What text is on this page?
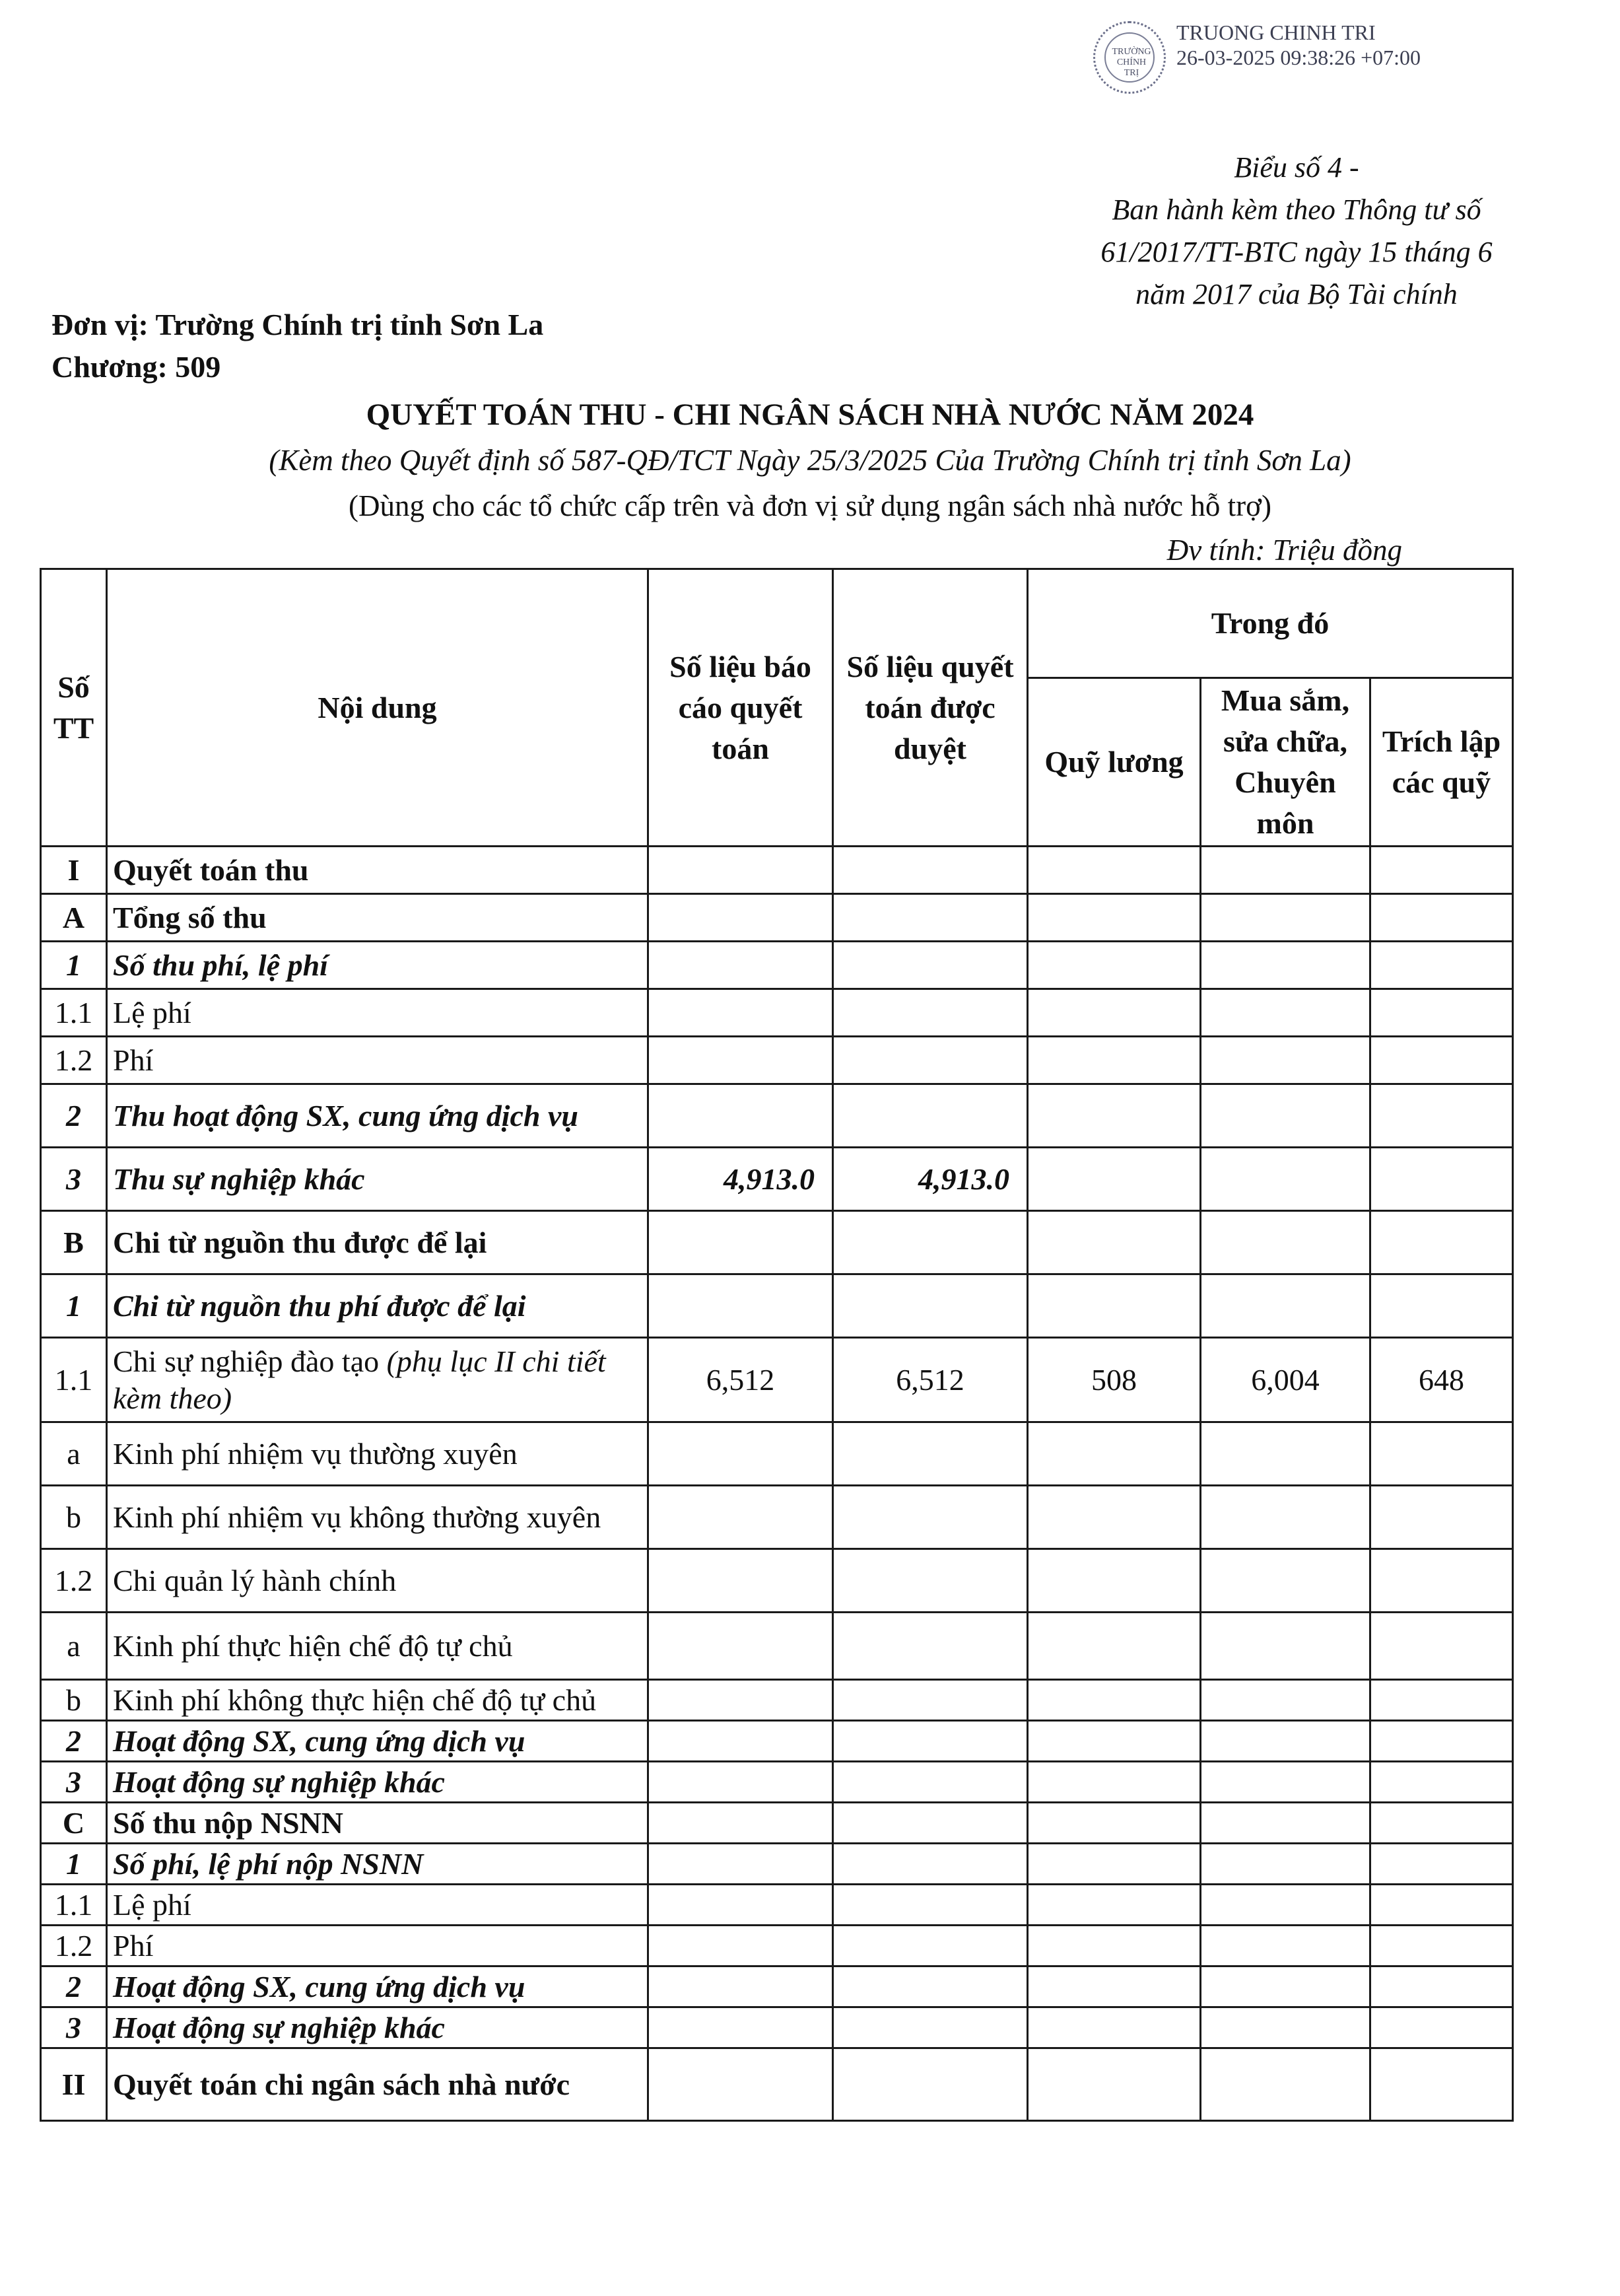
TRƯỜNG CHÍNH TRỊ
TRUONG CHINH TRI
26-03-2025 09:38:26 +07:00
Biểu số 4 -
Ban hành kèm theo Thông tư số
61/2017/TT-BTC ngày 15 tháng 6
năm 2017 của Bộ Tài chính
Đơn vị: Trường Chính trị tỉnh Sơn La
Chương: 509
QUYẾT TOÁN THU - CHI NGÂN SÁCH NHÀ NƯỚC NĂM 2024
(Kèm theo Quyết định số 587-QĐ/TCT Ngày 25/3/2025 Của Trường Chính trị tỉnh Sơn La)
(Dùng cho các tổ chức cấp trên và đơn vị sử dụng ngân sách nhà nước hỗ trợ)
Đv tính: Triệu đồng
Số TT	Nội dung	Số liệu báo cáo quyết toán	Số liệu quyết toán được duyệt	Trong đó		
				Quỹ lương	Mua sắm, sửa chữa, Chuyên môn	Trích lập các quỹ
I	Quyết toán thu					
A	Tổng số thu					
1	Số thu phí, lệ phí					
1.1	Lệ phí					
1.2	Phí					
2	Thu hoạt động SX, cung ứng dịch vụ					
3	Thu sự nghiệp khác	4,913.0	4,913.0			
B	Chi từ nguồn thu được để lại					
1	Chi từ nguồn thu phí được để lại					
1.1	Chi sự nghiệp đào tạo (phụ lục II chi tiết kèm theo)	6,512	6,512	508	6,004	648
a	Kinh phí nhiệm vụ thường xuyên					
b	Kinh phí nhiệm vụ không thường xuyên					
1.2	Chi quản lý hành chính					
a	Kinh phí thực hiện chế độ tự chủ					
b	Kinh phí không thực hiện chế độ tự chủ					
2	Hoạt động SX, cung ứng dịch vụ					
3	Hoạt động sự nghiệp khác					
C	Số thu nộp NSNN					
1	Số phí, lệ phí nộp NSNN					
1.1	Lệ phí					
1.2	Phí					
2	Hoạt động SX, cung ứng dịch vụ					
3	Hoạt động sự nghiệp khác					
II	Quyết toán chi ngân sách nhà nước					
